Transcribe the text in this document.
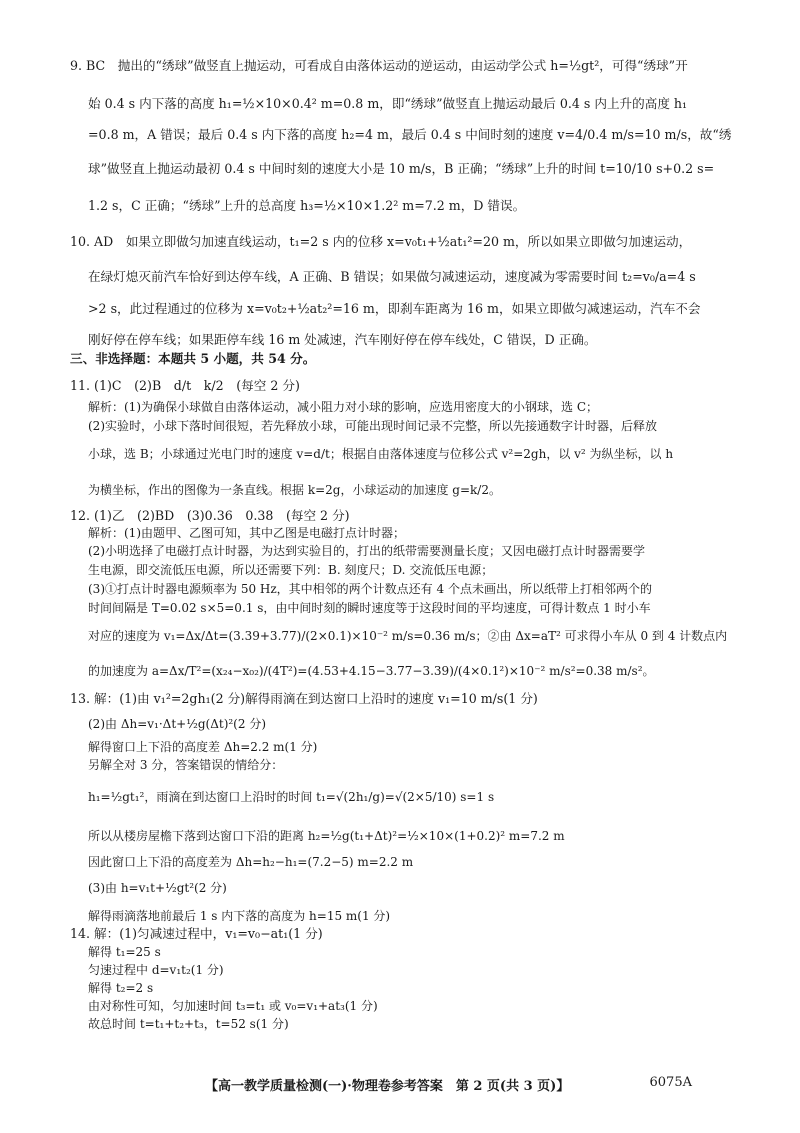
9. BC　抛出的“绣球”做竖直上抛运动，可看成自由落体运动的逆运动，由运动学公式 h=½gt²，可得“绣球”开
始 0.4 s 内下落的高度 h₁=½×10×0.4² m=0.8 m，即“绣球”做竖直上抛运动最后 0.4 s 内上升的高度 h₁
=0.8 m，A 错误；最后 0.4 s 内下落的高度 h₂=4 m，最后 0.4 s 中间时刻的速度 v=4/0.4 m/s=10 m/s，故“绣
球”做竖直上抛运动最初 0.4 s 中间时刻的速度大小是 10 m/s，B 正确；“绣球”上升的时间 t=10/10 s+0.2 s=
1.2 s，C 正确；“绣球”上升的总高度 h₃=½×10×1.2² m=7.2 m，D 错误。
10. AD　如果立即做匀加速直线运动，t₁=2 s 内的位移 x=v₀t₁+½at₁²=20 m，所以如果立即做匀加速运动，
在绿灯熄灭前汽车恰好到达停车线，A 正确、B 错误；如果做匀减速运动，速度减为零需要时间 t₂=v₀/a=4 s
>2 s，此过程通过的位移为 x=v₀t₂+½at₂²=16 m，即刹车距离为 16 m，如果立即做匀减速运动，汽车不会
刚好停在停车线；如果距停车线 16 m 处减速，汽车刚好停在停车线处，C 错误，D 正确。
三、非选择题：本题共 5 小题，共 54 分。
11. (1)C　(2)B　d/t　k/2　(每空 2 分)
解析：(1)为确保小球做自由落体运动，减小阻力对小球的影响，应选用密度大的小钢球，选 C；
(2)实验时，小球下落时间很短，若先释放小球，可能出现时间记录不完整，所以先接通数字计时器，后释放
小球，选 B；小球通过光电门时的速度 v=d/t；根据自由落体速度与位移公式 v²=2gh，以 v² 为纵坐标，以 h
为横坐标，作出的图像为一条直线。根据 k=2g，小球运动的加速度 g=k/2。
12. (1)乙　(2)BD　(3)0.36　0.38　(每空 2 分)
解析：(1)由题甲、乙图可知，其中乙图是电磁打点计时器；
(2)小明选择了电磁打点计时器，为达到实验目的，打出的纸带需要测量长度；又因电磁打点计时器需要学
生电源，即交流低压电源，所以还需要下列：B. 刻度尺；D. 交流低压电源；
(3)①打点计时器电源频率为 50 Hz，其中相邻的两个计数点还有 4 个点未画出，所以纸带上打相邻两个的
时间间隔是 T=0.02 s×5=0.1 s，由中间时刻的瞬时速度等于这段时间的平均速度，可得计数点 1 时小车
对应的速度为 v₁=Δx/Δt=(3.39+3.77)/(2×0.1)×10⁻² m/s=0.36 m/s；②由 Δx=aT² 可求得小车从 0 到 4 计数点内
的加速度为 a=Δx/T²=(x₂₄−x₀₂)/(4T²)=(4.53+4.15−3.77−3.39)/(4×0.1²)×10⁻² m/s²=0.38 m/s²。
13. 解：(1)由 v₁²=2gh₁(2 分)解得雨滴在到达窗口上沿时的速度 v₁=10 m/s(1 分)
(2)由 Δh=v₁·Δt+½g(Δt)²(2 分)
解得窗口上下沿的高度差 Δh=2.2 m(1 分)
另解全对 3 分，答案错误的情给分：
h₁=½gt₁²，雨滴在到达窗口上沿时的时间 t₁=√(2h₁/g)=√(2×5/10) s=1 s
所以从楼房屋檐下落到达窗口下沿的距离 h₂=½g(t₁+Δt)²=½×10×(1+0.2)² m=7.2 m
因此窗口上下沿的高度差为 Δh=h₂−h₁=(7.2−5) m=2.2 m
(3)由 h=v₁t+½gt²(2 分)
解得雨滴落地前最后 1 s 内下落的高度为 h=15 m(1 分)
14. 解：(1)匀减速过程中，v₁=v₀−at₁(1 分)
解得 t₁=25 s
匀速过程中 d=v₁t₂(1 分)
解得 t₂=2 s
由对称性可知，匀加速时间 t₃=t₁ 或 v₀=v₁+at₃(1 分)
故总时间 t=t₁+t₂+t₃，t=52 s(1 分)
【高一教学质量检测(一)·物理卷参考答案　第 2 页(共 3 页)】	6075A
